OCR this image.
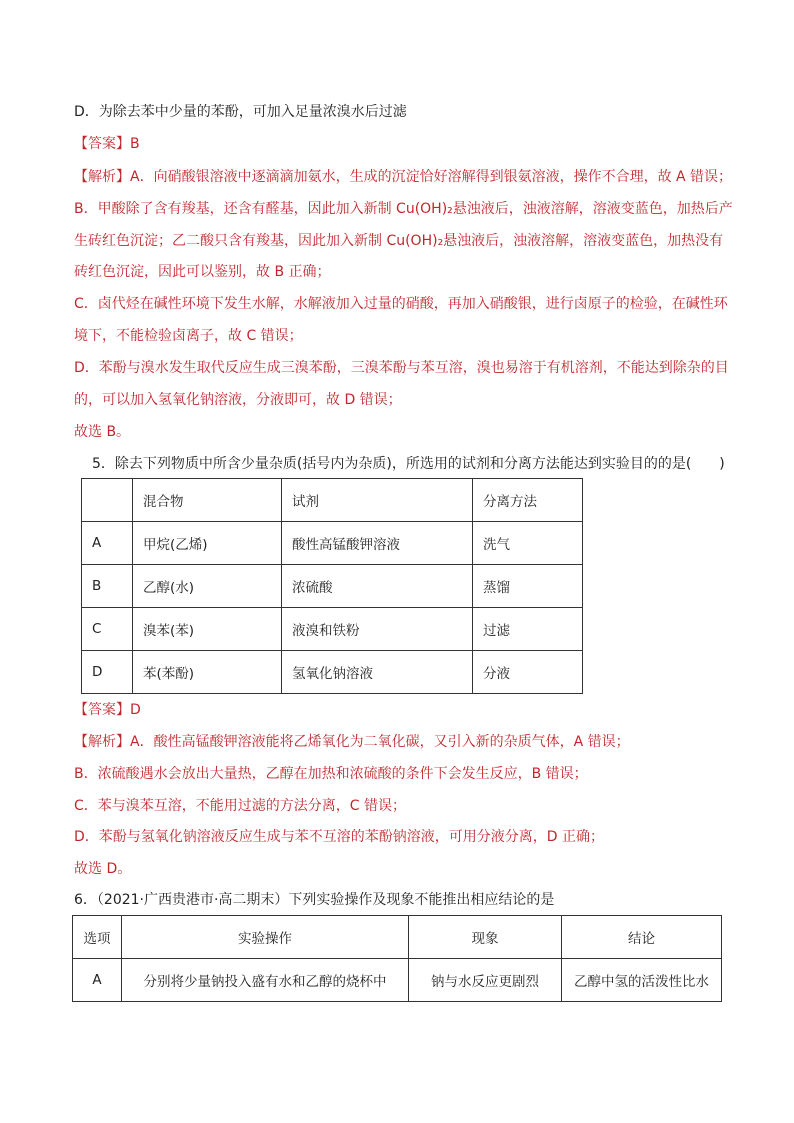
D．为除去苯中少量的苯酚，可加入足量浓溴水后过滤
【答案】B
【解析】A．向硝酸银溶液中逐滴滴加氨水，生成的沉淀恰好溶解得到银氨溶液，操作不合理，故 A 错误；
B．甲酸除了含有羧基，还含有醛基，因此加入新制 Cu(OH)₂悬浊液后，浊液溶解，溶液变蓝色，加热后产
生砖红色沉淀；乙二酸只含有羧基，因此加入新制 Cu(OH)₂悬浊液后，浊液溶解，溶液变蓝色，加热没有
砖红色沉淀，因此可以鉴别，故 B 正确；
C．卤代烃在碱性环境下发生水解，水解液加入过量的硝酸，再加入硝酸银，进行卤原子的检验，在碱性环
境下，不能检验卤离子，故 C 错误；
D．苯酚与溴水发生取代反应生成三溴苯酚，三溴苯酚与苯互溶，溴也易溶于有机溶剂，不能达到除杂的目
的，可以加入氢氧化钠溶液，分液即可，故 D 错误；
故选 B。
5．除去下列物质中所含少量杂质(括号内为杂质)，所选用的试剂和分离方法能达到实验目的的是(　　)
	混合物	试剂	分离方法
A	甲烷(乙烯)	酸性高锰酸钾溶液	洗气
B	乙醇(水)	浓硫酸	蒸馏
C	溴苯(苯)	液溴和铁粉	过滤
D	苯(苯酚)	氢氧化钠溶液	分液
【答案】D
【解析】A．酸性高锰酸钾溶液能将乙烯氧化为二氧化碳，又引入新的杂质气体，A 错误；
B．浓硫酸遇水会放出大量热，乙醇在加热和浓硫酸的条件下会发生反应，B 错误；
C．苯与溴苯互溶，不能用过滤的方法分离，C 错误；
D．苯酚与氢氧化钠溶液反应生成与苯不互溶的苯酚钠溶液，可用分液分离，D 正确；
故选 D。
6．（2021·广西贵港市·高二期末）下列实验操作及现象不能推出相应结论的是
选项	实验操作	现象	结论
A	分别将少量钠投入盛有水和乙醇的烧杯中	钠与水反应更剧烈	乙醇中氢的活泼性比水
